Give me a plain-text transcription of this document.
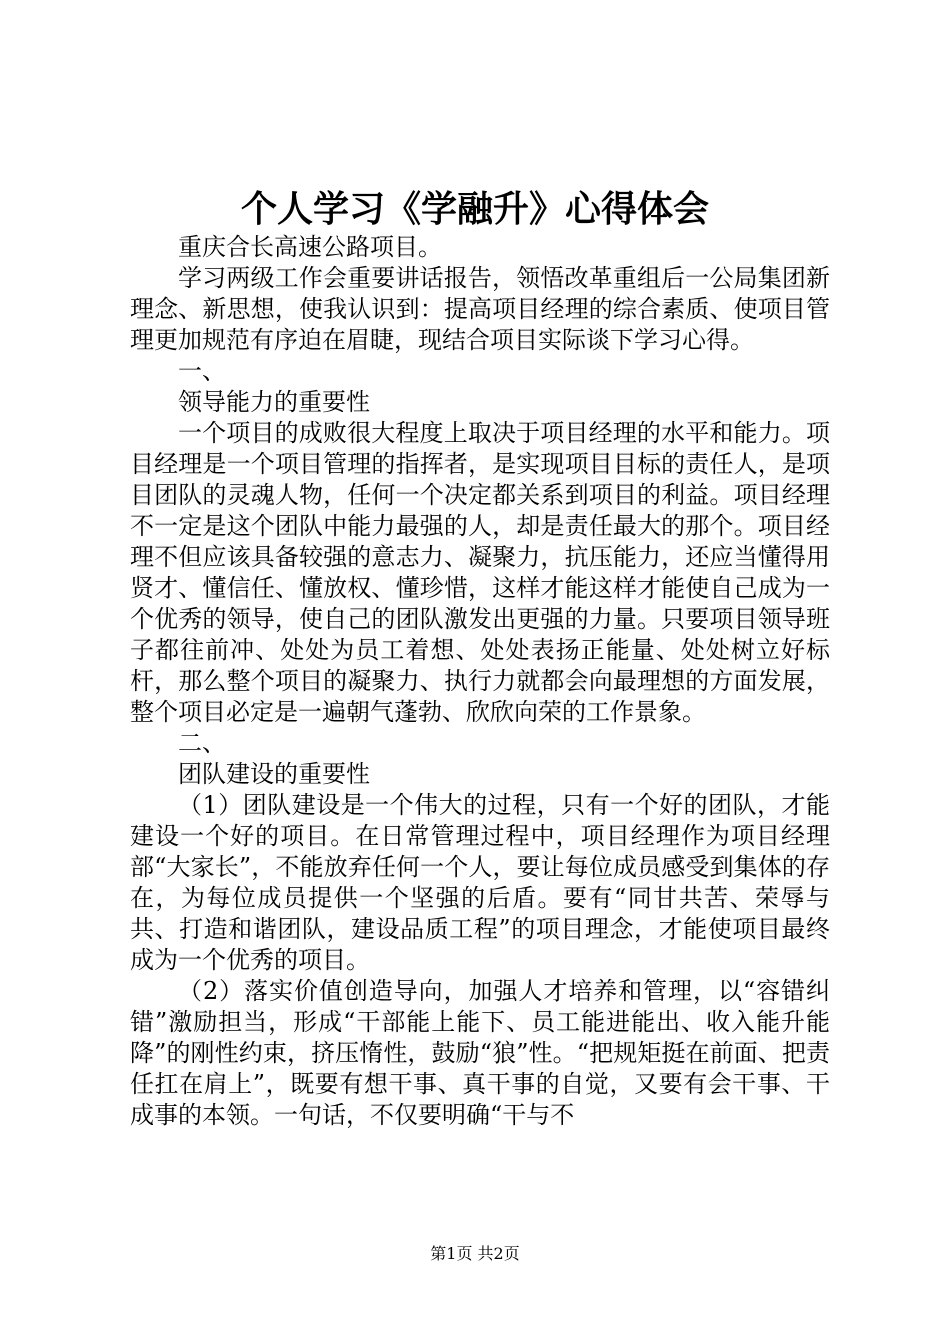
个人学习《学融升》心得体会

重庆合长高速公路项目。

学习两级工作会重要讲话报告，领悟改革重组后一公局集团新理念、新思想，使我认识到：提高项目经理的综合素质、使项目管理更加规范有序迫在眉睫，现结合项目实际谈下学习心得。

一、

领导能力的重要性

一个项目的成败很大程度上取决于项目经理的水平和能力。项目经理是一个项目管理的指挥者，是实现项目目标的责任人，是项目团队的灵魂人物，任何一个决定都关系到项目的利益。项目经理不一定是这个团队中能力最强的人，却是责任最大的那个。项目经理不但应该具备较强的意志力、凝聚力，抗压能力，还应当懂得用贤才、懂信任、懂放权、懂珍惜，这样才能这样才能使自己成为一个优秀的领导，使自己的团队激发出更强的力量。只要项目领导班子都往前冲、处处为员工着想、处处表扬正能量、处处树立好标杆，那么整个项目的凝聚力、执行力就都会向最理想的方面发展，整个项目必定是一遍朝气蓬勃、欣欣向荣的工作景象。

二、

团队建设的重要性

（1）团队建设是一个伟大的过程，只有一个好的团队，才能建设一个好的项目。在日常管理过程中，项目经理作为项目经理部“大家长”，不能放弃任何一个人，要让每位成员感受到集体的存在，为每位成员提供一个坚强的后盾。要有“同甘共苦、荣辱与共、打造和谐团队，建设品质工程”的项目理念，才能使项目最终成为一个优秀的项目。

（2）落实价值创造导向，加强人才培养和管理，以“容错纠错”激励担当，形成“干部能上能下、员工能进能出、收入能升能降”的刚性约束，挤压惰性，鼓励“狼”性。“把规矩挺在前面、把责任扛在肩上”，既要有想干事、真干事的自觉，又要有会干事、干成事的本领。一句话，不仅要明确“干与不

第1页 共2页
